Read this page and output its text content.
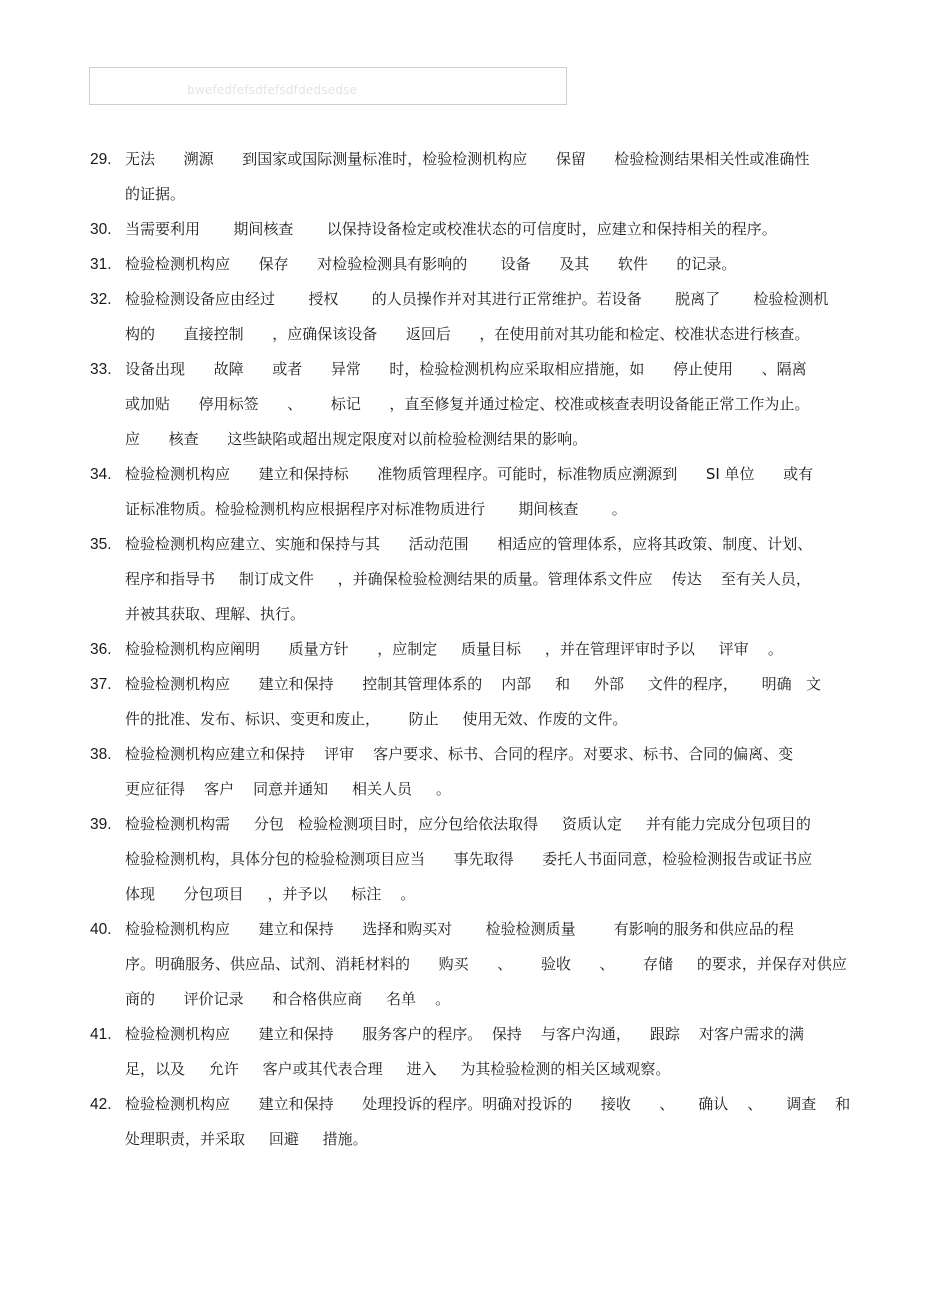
bwefedfefsdfefsdfdedsedse
29. 无法      溯源      到国家或国际测量标准时，检验检测机构应      保留      检验检测结果相关性或准确性
的证据。
30. 当需要利用       期间核查       以保持设备检定或校准状态的可信度时，应建立和保持相关的程序。
31. 检验检测机构应      保存      对检验检测具有影响的       设备      及其      软件      的记录。
32. 检验检测设备应由经过       授权       的人员操作并对其进行正常维护。若设备       脱离了       检验检测机
构的      直接控制      ，应确保该设备      返回后      ，在使用前对其功能和检定、校准状态进行核查。
33. 设备出现      故障      或者      异常      时，检验检测机构应采取相应措施，如      停止使用      、隔离
或加贴      停用标签      、      标记      ，直至修复并通过检定、校准或核查表明设备能正常工作为止。
应      核查      这些缺陷或超出规定限度对以前检验检测结果的影响。
34. 检验检测机构应      建立和保持标      准物质管理程序。可能时，标准物质应溯源到      SI 单位      或有
证标准物质。检验检测机构应根据程序对标准物质进行       期间核查       。
35. 检验检测机构应建立、实施和保持与其      活动范围      相适应的管理体系，应将其政策、制度、计划、
程序和指导书     制订成文件     ，并确保检验检测结果的质量。管理体系文件应    传达    至有关人员，
并被其获取、理解、执行。
36. 检验检测机构应阐明      质量方针      ，应制定     质量目标     ，并在管理评审时予以     评审    。
37. 检验检测机构应      建立和保持      控制其管理体系的    内部     和     外部     文件的程序，     明确   文
件的批准、发布、标识、变更和废止，      防止     使用无效、作废的文件。
38. 检验检测机构应建立和保持    评审    客户要求、标书、合同的程序。对要求、标书、合同的偏离、变
更应征得    客户    同意并通知     相关人员     。
39. 检验检测机构需     分包   检验检测项目时，应分包给依法取得     资质认定     并有能力完成分包项目的
检验检测机构，具体分包的检验检测项目应当      事先取得      委托人书面同意，检验检测报告或证书应
体现      分包项目     ，并予以     标注    。
40. 检验检测机构应      建立和保持      选择和购买对       检验检测质量        有影响的服务和供应品的程
序。明确服务、供应品、试剂、消耗材料的      购买      、      验收      、      存储     的要求，并保存对供应
商的      评价记录      和合格供应商     名单    。
41. 检验检测机构应      建立和保持      服务客户的程序。  保持    与客户沟通，    跟踪    对客户需求的满
足，以及     允许     客户或其代表合理     进入     为其检验检测的相关区域观察。
42. 检验检测机构应      建立和保持      处理投诉的程序。明确对投诉的      接收      、     确认    、     调查    和
处理职责，并采取     回避     措施。
